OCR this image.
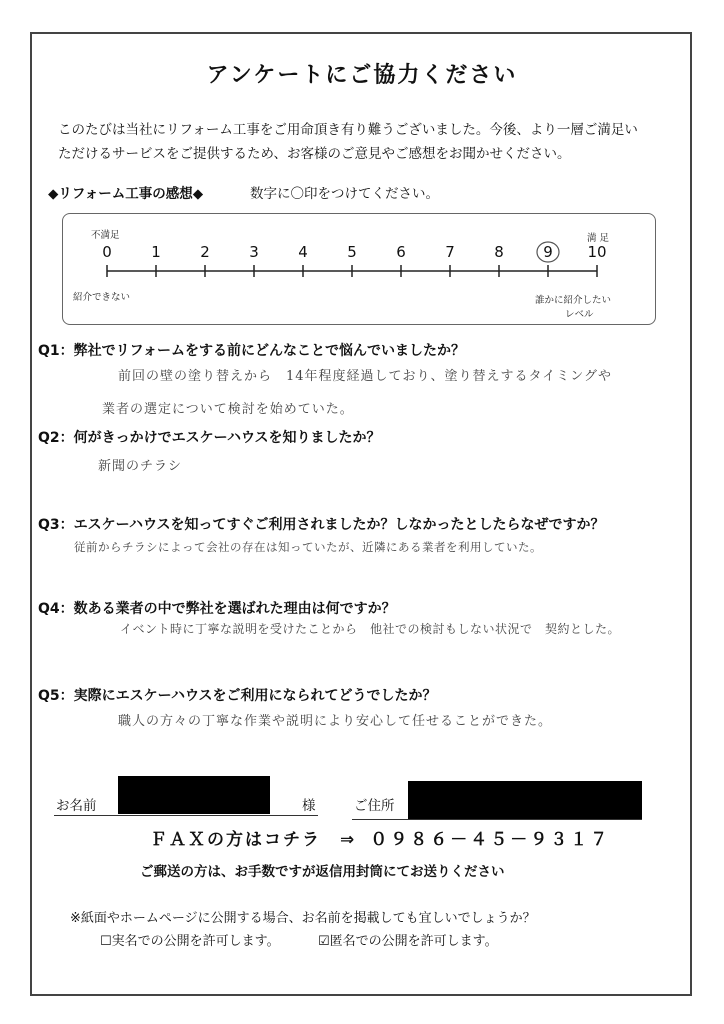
アンケートにご協力ください
このたびは当社にリフォーム工事をご用命頂き有り難うございました。今後、より一層ご満足い
ただけるサービスをご提供するため、お客様のご意見やご感想をお聞かせください。
◆リフォーム工事の感想◆	数字に〇印をつけてください。
0	1	2	3	4	5	6	7	8	9 10
不満足	満 足
紹介できない	誰かに紹介したい
レベル
Q1：弊社でリフォームをする前にどんなことで悩んでいましたか？
前回の壁の塗り替えから　14年程度経過しており、塗り替えするタイミングや
業者の選定について検討を始めていた。
Q2：何がきっかけでエスケーハウスを知りましたか？
新聞のチラシ
Q3：エスケーハウスを知ってすぐご利用されましたか？しなかったとしたらなぜですか？
従前からチラシによって会社の存在は知っていたが、近隣にある業者を利用していた。
Q4：数ある業者の中で弊社を選ばれた理由は何ですか？
イベント時に丁寧な説明を受けたことから　他社での検討もしない状況で　契約とした。
Q5：実際にエスケーハウスをご利用になられてどうでしたか？
職人の方々の丁寧な作業や説明により安心して任せることができた。
お名前	様	ご住所
ＦＡＸの方はコチラ　⇒ ０９８６－４５－９３１７
ご郵送の方は、お手数ですが返信用封筒にてお送りください
※紙面やホームページに公開する場合、お名前を掲載しても宜しいでしょうか？
☐実名での公開を許可します。	☑匿名での公開を許可します。
